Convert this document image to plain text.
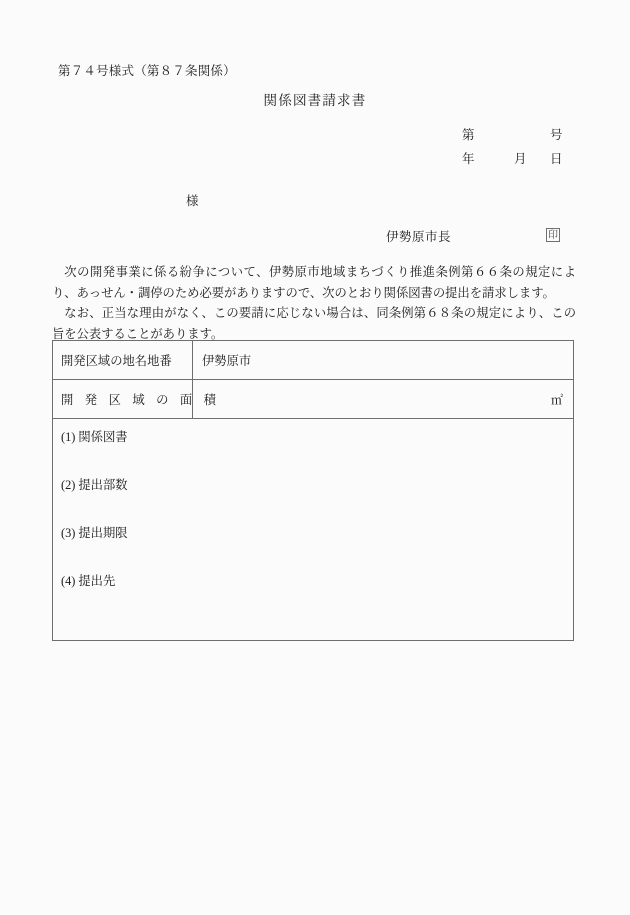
第７４号様式（第８７条関係）
関係図書請求書
第	号
年	月	日
様
伊勢原市長	印

次の開発事業に係る紛争について、伊勢原市地域まちづくり推進条例第６６条の規定により、あっせん・調停のため必要がありますので、次のとおり関係図書の提出を請求します。

なお、正当な理由がなく、この要請に応じない場合は、同条例第６８条の規定により、この旨を公表することがあります。

開発区域の地名地番	伊勢原市
開 発 区 域 の 面 積	㎡

(1) 関係図書
(2) 提出部数
(3) 提出期限
(4) 提出先
